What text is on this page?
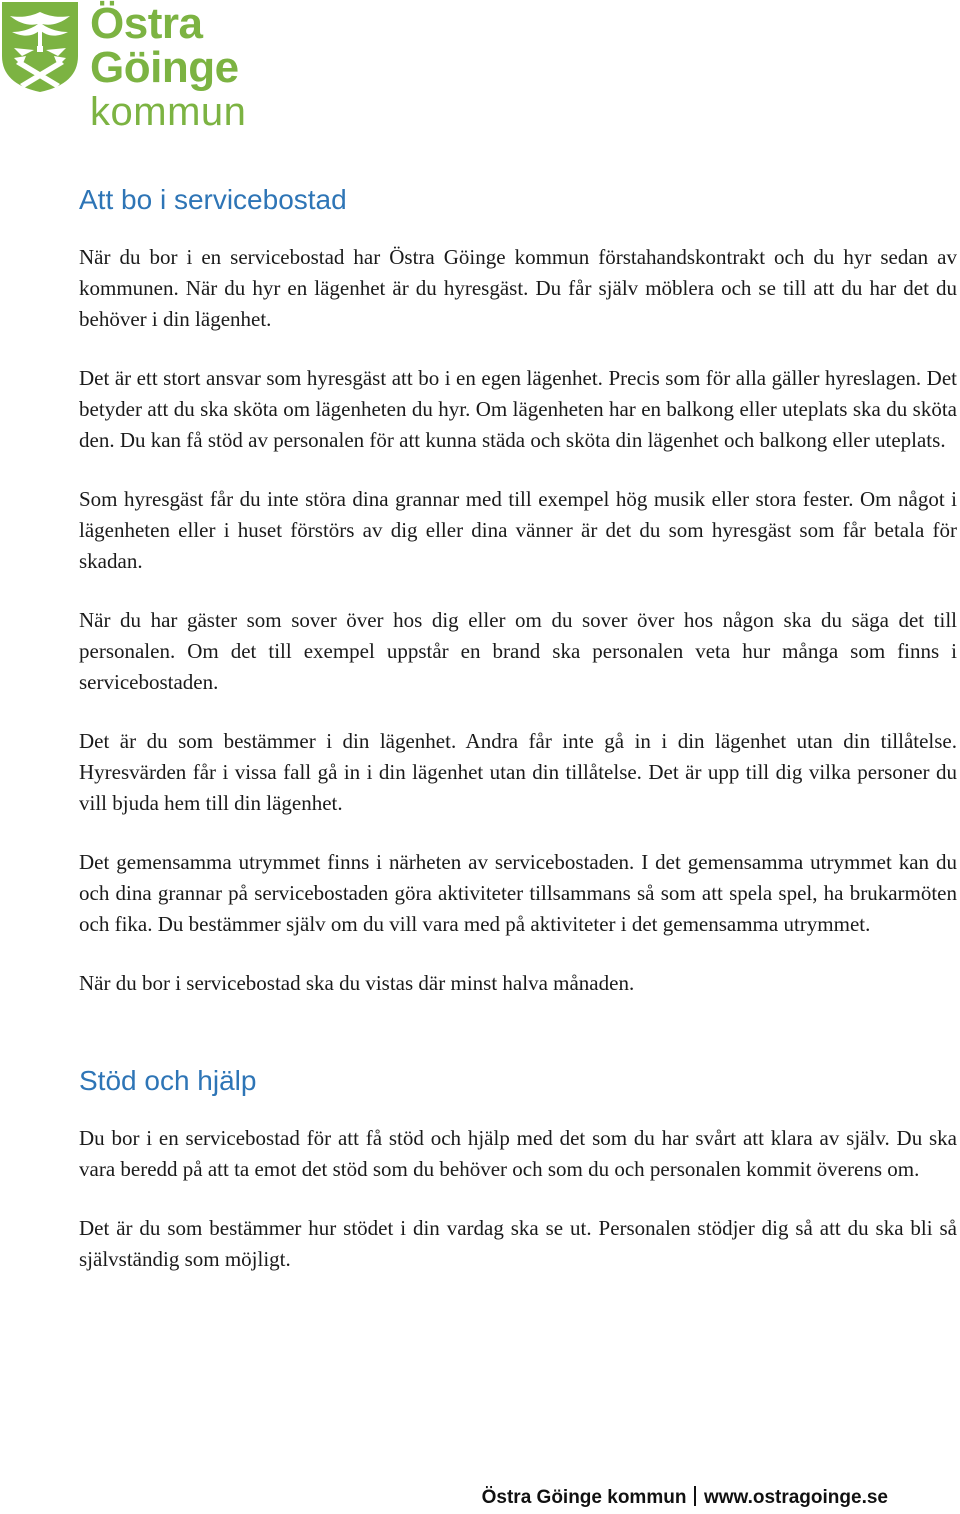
Östra Göinge
kommun
Att bo i servicebostad

När du bor i en servicebostad har Östra Göinge kommun förstahandskontrakt och du hyr sedan av kommunen. När du hyr en lägenhet är du hyresgäst. Du får själv möblera och se till att du har det du behöver i din lägenhet.

Det är ett stort ansvar som hyresgäst att bo i en egen lägenhet. Precis som för alla gäller hyreslagen. Det betyder att du ska sköta om lägenheten du hyr. Om lägenheten har en balkong eller uteplats ska du sköta den. Du kan få stöd av personalen för att kunna städa och sköta din lägenhet och balkong eller uteplats.

Som hyresgäst får du inte störa dina grannar med till exempel hög musik eller stora fester. Om något i lägenheten eller i huset förstörs av dig eller dina vänner är det du som hyresgäst som får betala för skadan.

När du har gäster som sover över hos dig eller om du sover över hos någon ska du säga det till personalen. Om det till exempel uppstår en brand ska personalen veta hur många som finns i servicebostaden.

Det är du som bestämmer i din lägenhet. Andra får inte gå in i din lägenhet utan din tillåtelse. Hyresvärden får i vissa fall gå in i din lägenhet utan din tillåtelse. Det är upp till dig vilka personer du vill bjuda hem till din lägenhet.

Det gemensamma utrymmet finns i närheten av servicebostaden. I det gemensamma utrymmet kan du och dina grannar på servicebostaden göra aktiviteter tillsammans så som att spela spel, ha brukarmöten och fika. Du bestämmer själv om du vill vara med på aktiviteter i det gemensamma utrymmet.

När du bor i servicebostad ska du vistas där minst halva månaden.

Stöd och hjälp

Du bor i en servicebostad för att få stöd och hjälp med det som du har svårt att klara av själv. Du ska vara beredd på att ta emot det stöd som du behöver och som du och personalen kommit överens om.

Det är du som bestämmer hur stödet i din vardag ska se ut. Personalen stödjer dig så att du ska bli så självständig som möjligt.

Östra Göinge kommun www.ostragoinge.se
